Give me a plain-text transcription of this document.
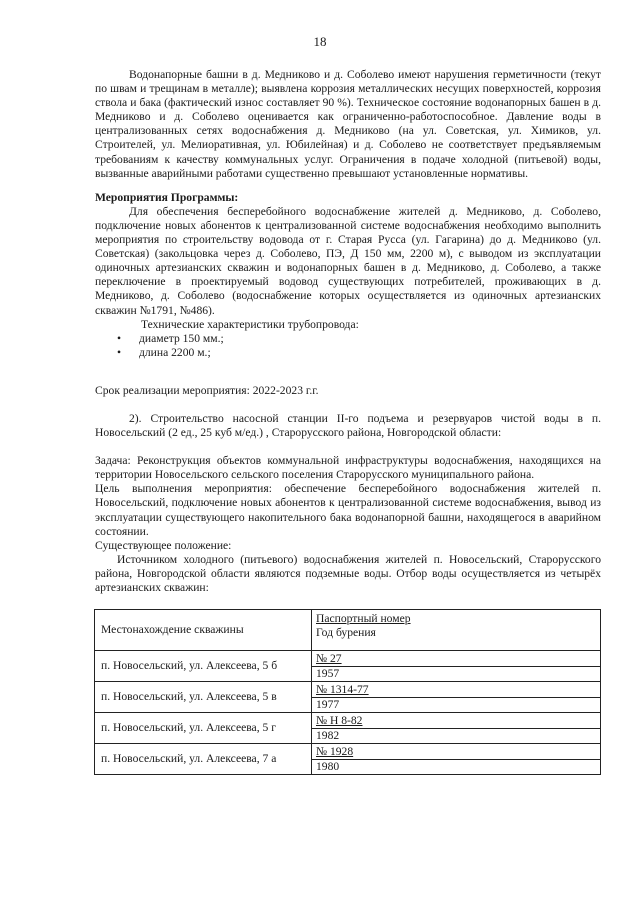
18

Водонапорные башни в д. Медниково и д. Соболево имеют нарушения герметичности (текут по швам и трещинам в металле); выявлена коррозия металлических несущих поверхностей, коррозия ствола и бака (фактический износ составляет 90 %). Техническое состояние водонапорных башен в д. Медниково и д. Соболево оценивается как ограниченно-работоспособное. Давление воды в централизованных сетях водоснабжения д. Медниково (на ул. Советская, ул. Химиков, ул. Строителей, ул. Мелиоративная, ул. Юбилейная) и д. Соболево не соответствует предъявляемым требованиям к качеству коммунальных услуг. Ограничения в подаче холодной (питьевой) воды, вызванные аварийными работами существенно превышают установленные нормативы.

Мероприятия Программы:

Для обеспечения бесперебойного водоснабжение жителей д. Медниково, д. Соболево, подключение новых абонентов к централизованной системе водоснабжения необходимо выполнить мероприятия по строительству водовода от г. Старая Русса (ул. Гагарина) до д. Медниково (ул. Советская) (закольцовка через д. Соболево, ПЭ, Д 150 мм, 2200 м), с выводом из эксплуатации одиночных артезианских скважин и водонапорных башен в д. Медниково, д. Соболево, а также переключение в проектируемый водовод существующих потребителей, проживающих в д. Медниково, д. Соболево (водоснабжение которых осуществляется из одиночных артезианских скважин №1791, №486).

Технические характеристики трубопровода:

• диаметр 150 мм.;
• длина 2200 м.;

Срок реализации мероприятия: 2022-2023 г.г.

2). Строительство насосной станции II-го подъема и резервуаров чистой воды в п. Новосельский (2 ед., 25 куб м/ед.) , Старорусского района, Новгородской области:

Задача: Реконструкция объектов коммунальной инфраструктуры водоснабжения, находящихся на территории Новосельского сельского поселения Старорусского муниципального района.

Цель выполнения мероприятия: обеспечение бесперебойного водоснабжения жителей п. Новосельский, подключение новых абонентов к централизованной системе водоснабжения, вывод из эксплуатации существующего накопительного бака водонапорной башни, находящегося в аварийном состоянии.

Существующее положение:

Источником холодного (питьевого) водоснабжения жителей п. Новосельский, Старорусского района, Новгородской области являются подземные воды. Отбор воды осуществляется из четырёх артезианских скважин:

Местонахождение скважины	Паспортный номер
Год бурения

п. Новосельский, ул. Алексеева, 5 б	№ 27
1957

п. Новосельский, ул. Алексеева, 5 в	№ 1314-77
1977

п. Новосельский, ул. Алексеева, 5 г	№ Н 8-82
1982

п. Новосельский, ул. Алексеева, 7 а	№ 1928
1980
